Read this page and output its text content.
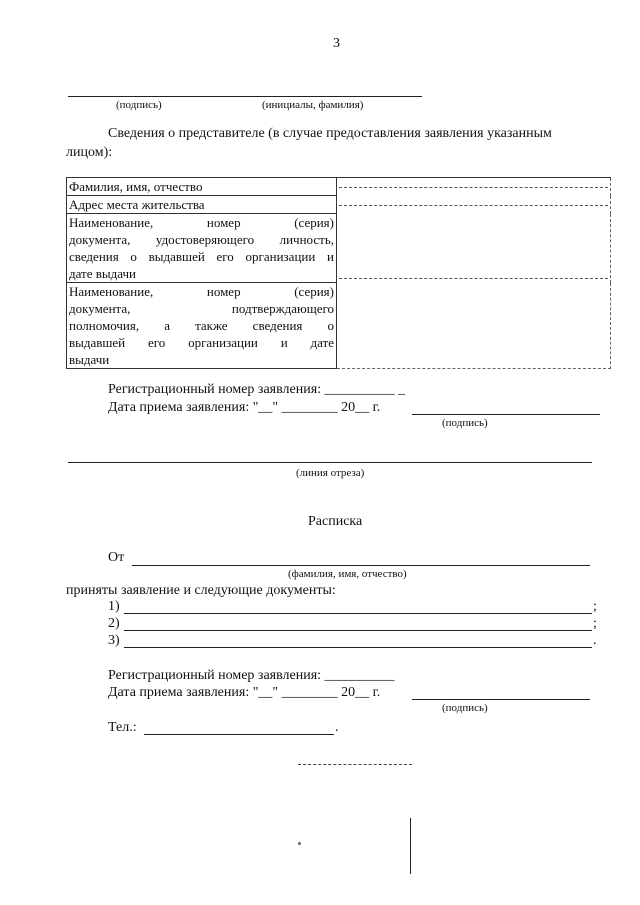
3
(подпись)	(инициалы, фамилия)
Сведения о представителе (в случае предоставления заявления указанным
лицом):
Фамилия, имя, отчество	

Адрес места жительства	

Наименование, номер (серия)
документа, удостоверяющего личность,
сведения о выдавшей его организации и
дате выдачи	

Наименование, номер (серия)
документа, подтверждающего
полномочия, а также сведения о
выдавшей его организации и дате
выдачи	
Регистрационный номер заявления: __________ _
Дата приема заявления: "__" ________ 20__ г.
(подпись)
(линия отреза)
Расписка
От
(фамилия, имя, отчество)
приняты заявление и следующие документы:
1)	;
2)	;
3)	.
Регистрационный номер заявления: __________
Дата приема заявления: "__" ________ 20__ г.
(подпись)
Тел.:	.
